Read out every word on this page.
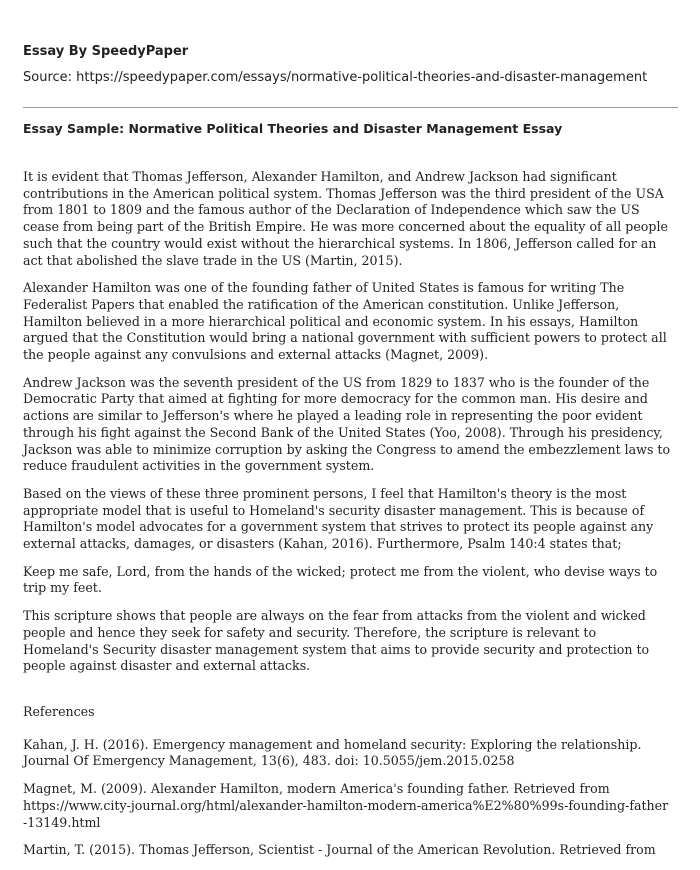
Essay By SpeedyPaper
Source: https://speedypaper.com/essays/normative-political-theories-and-disaster-management
Essay Sample: Normative Political Theories and Disaster Management Essay

It is evident that Thomas Jefferson, Alexander Hamilton, and Andrew Jackson had significant
contributions in the American political system. Thomas Jefferson was the third president of the USA
from 1801 to 1809 and the famous author of the Declaration of Independence which saw the US
cease from being part of the British Empire. He was more concerned about the equality of all people
such that the country would exist without the hierarchical systems. In 1806, Jefferson called for an
act that abolished the slave trade in the US (Martin, 2015).

Alexander Hamilton was one of the founding father of United States is famous for writing The
Federalist Papers that enabled the ratification of the American constitution. Unlike Jefferson,
Hamilton believed in a more hierarchical political and economic system. In his essays, Hamilton
argued that the Constitution would bring a national government with sufficient powers to protect all
the people against any convulsions and external attacks (Magnet, 2009).

Andrew Jackson was the seventh president of the US from 1829 to 1837 who is the founder of the
Democratic Party that aimed at fighting for more democracy for the common man. His desire and
actions are similar to Jefferson's where he played a leading role in representing the poor evident
through his fight against the Second Bank of the United States (Yoo, 2008). Through his presidency,
Jackson was able to minimize corruption by asking the Congress to amend the embezzlement laws to
reduce fraudulent activities in the government system.

Based on the views of these three prominent persons, I feel that Hamilton's theory is the most
appropriate model that is useful to Homeland's security disaster management. This is because of
Hamilton's model advocates for a government system that strives to protect its people against any
external attacks, damages, or disasters (Kahan, 2016). Furthermore, Psalm 140:4 states that;

Keep me safe, Lord, from the hands of the wicked; protect me from the violent, who devise ways to
trip my feet.

This scripture shows that people are always on the fear from attacks from the violent and wicked
people and hence they seek for safety and security. Therefore, the scripture is relevant to
Homeland's Security disaster management system that aims to provide security and protection to
people against disaster and external attacks.

References

Kahan, J. H. (2016). Emergency management and homeland security: Exploring the relationship.
Journal Of Emergency Management, 13(6), 483. doi: 10.5055/jem.2015.0258

Magnet, M. (2009). Alexander Hamilton, modern America's founding father. Retrieved from
https://www.city-journal.org/html/alexander-hamilton-modern-america%E2%80%99s-founding-father
-13149.html

Martin, T. (2015). Thomas Jefferson, Scientist - Journal of the American Revolution. Retrieved from
